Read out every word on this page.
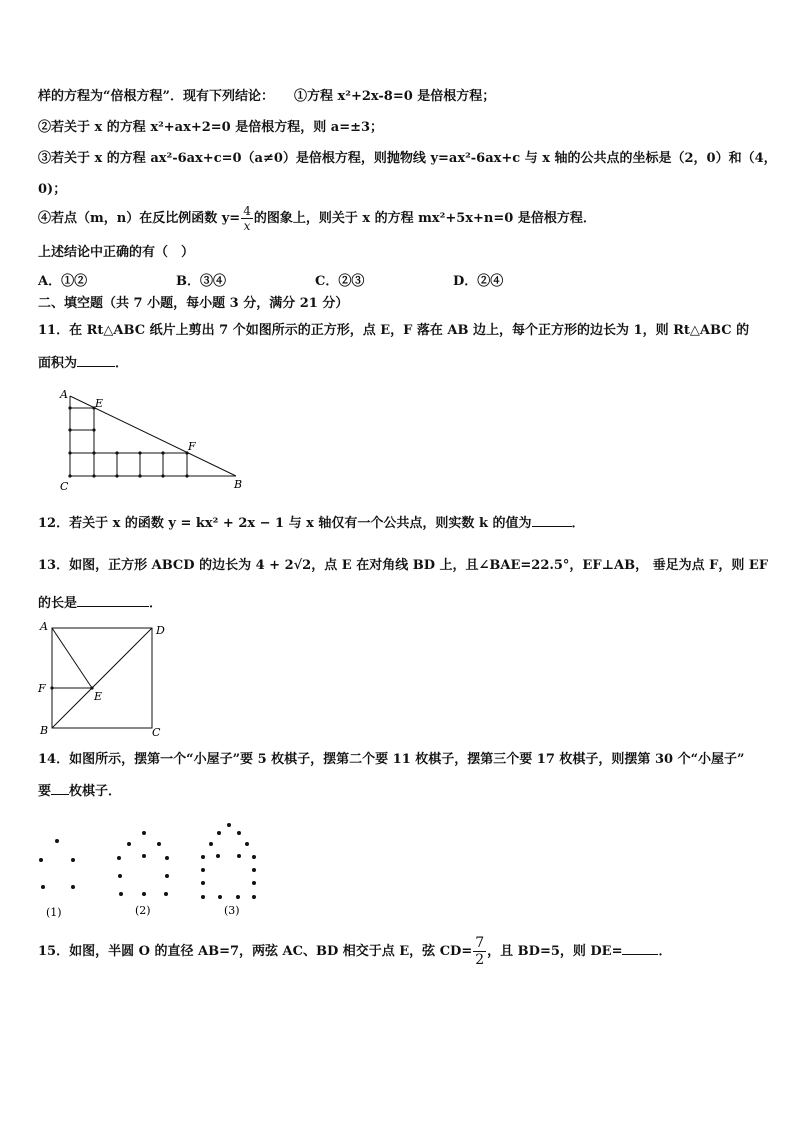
样的方程为“倍根方程”．现有下列结论： ①方程 x²+2x-8=0 是倍根方程；
②若关于 x 的方程 x²+ax+2=0 是倍根方程，则 a=±3；
③若关于 x 的方程 ax²-6ax+c=0（a≠0）是倍根方程，则抛物线 y=ax²-6ax+c 与 x 轴的公共点的坐标是（2，0）和（4，
0)；
④若点（m，n）在反比例函数 $y= \frac{4}{x}$ 的图象上，则关于 x 的方程 mx²+5x+n=0 是倍根方程．
上述结论中正确的有（　）
A．①②	B．③④	C．②③	D．②④
二、填空题（共 7 小题，每小题 3 分，满分 21 分）
11．在 Rt△ABC 纸片上剪出 7 个如图所示的正方形，点 E，F 落在 AB 边上，每个正方形的边长为 1，则 Rt△ABC 的
面积为	．
A
E
F
C	B
12．若关于 x 的函数 y = kx² + 2x − 1 与 x 轴仅有一个公共点，则实数 k 的值为	．
13．如图，正方形 ABCD 的边长为 4 + 2√2，点 E 在对角线 BD 上，且∠BAE=22.5°，EF⊥AB， 垂足为点 F，则 EF
的长是	．
A	D
F
E
B	C
14．如图所示，摆第一个“小屋子”要 5 枚棋子，摆第二个要 11 枚棋子，摆第三个要 17 枚棋子，则摆第 30 个“小屋子”
要 枚棋子．
(1)	(2)	(3)
15．如图，半圆 O 的直径 AB=7，两弦 AC、BD 相交于点 E，弦 $CD= \frac{7}{2}$ ，且 BD=5，则 DE=	．
